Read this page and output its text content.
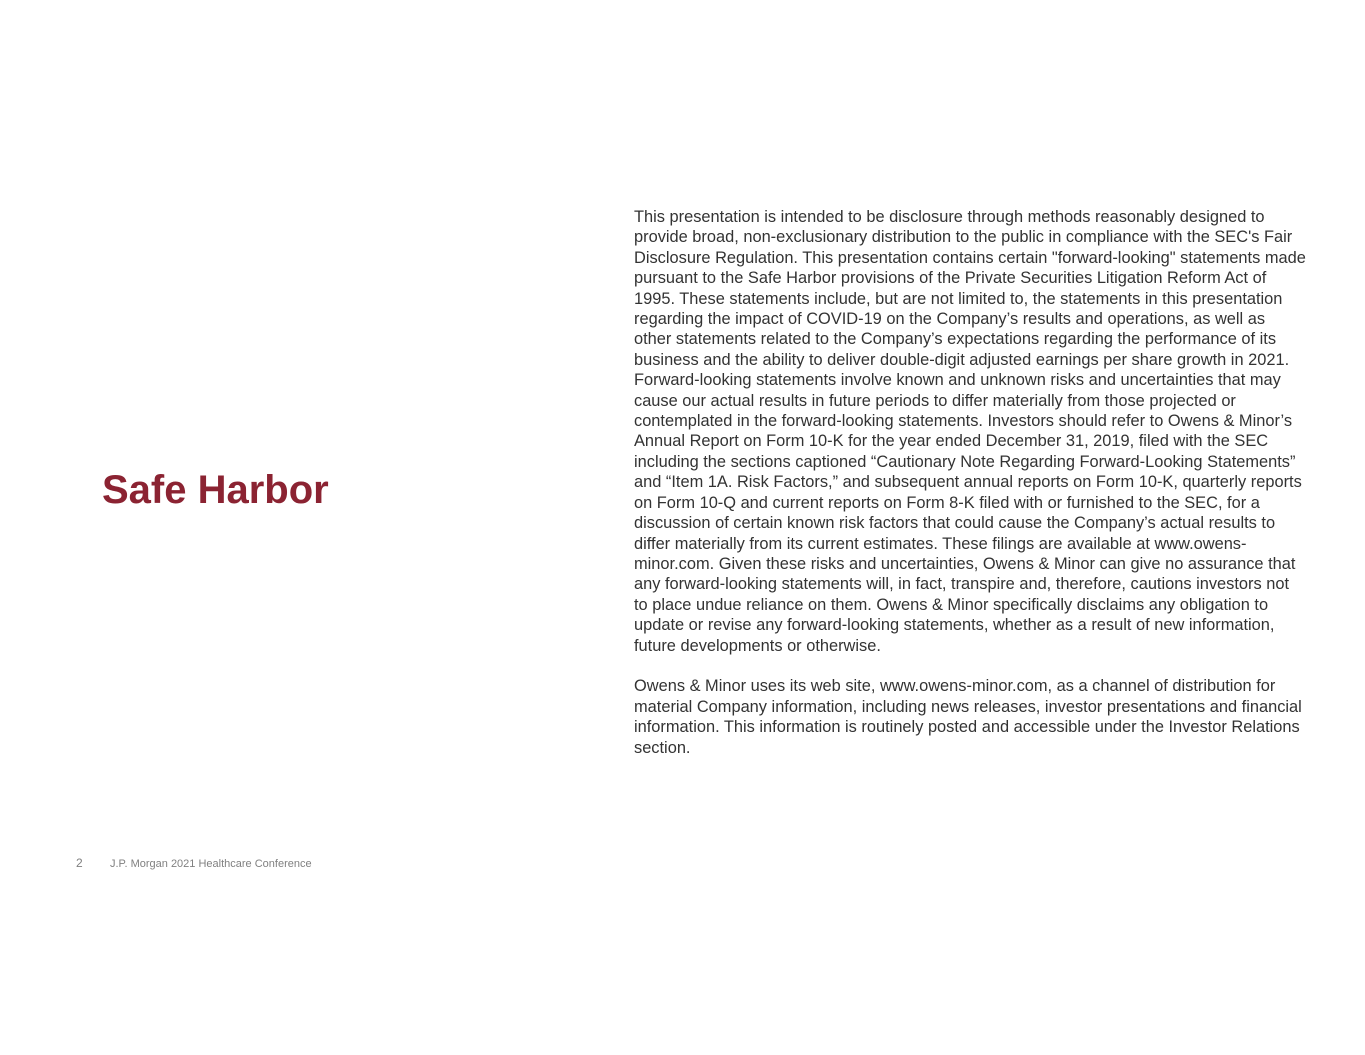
Safe Harbor

This presentation is intended to be disclosure through methods reasonably designed to provide broad, non-exclusionary distribution to the public in compliance with the SEC's Fair Disclosure Regulation. This presentation contains certain "forward-looking" statements made pursuant to the Safe Harbor provisions of the Private Securities Litigation Reform Act of 1995. These statements include, but are not limited to, the statements in this presentation regarding the impact of COVID-19 on the Company’s results and operations, as well as other statements related to the Company’s expectations regarding the performance of its business and the ability to deliver double-digit adjusted earnings per share growth in 2021. Forward-looking statements involve known and unknown risks and uncertainties that may cause our actual results in future periods to differ materially from those projected or contemplated in the forward-looking statements. Investors should refer to Owens & Minor’s Annual Report on Form 10-K for the year ended December 31, 2019, filed with the SEC including the sections captioned “Cautionary Note Regarding Forward-Looking Statements” and “Item 1A. Risk Factors,” and subsequent annual reports on Form 10-K, quarterly reports on Form 10-Q and current reports on Form 8-K filed with or furnished to the SEC, for a discussion of certain known risk factors that could cause the Company’s actual results to differ materially from its current estimates. These filings are available at www.owens-minor.com. Given these risks and uncertainties, Owens & Minor can give no assurance that any forward-looking statements will, in fact, transpire and, therefore, cautions investors not to place undue reliance on them. Owens & Minor specifically disclaims any obligation to update or revise any forward-looking statements, whether as a result of new information, future developments or otherwise.

Owens & Minor uses its web site, www.owens-minor.com, as a channel of distribution for material Company information, including news releases, investor presentations and financial information. This information is routinely posted and accessible under the Investor Relations section.

2 J.P. Morgan 2021 Healthcare Conference
